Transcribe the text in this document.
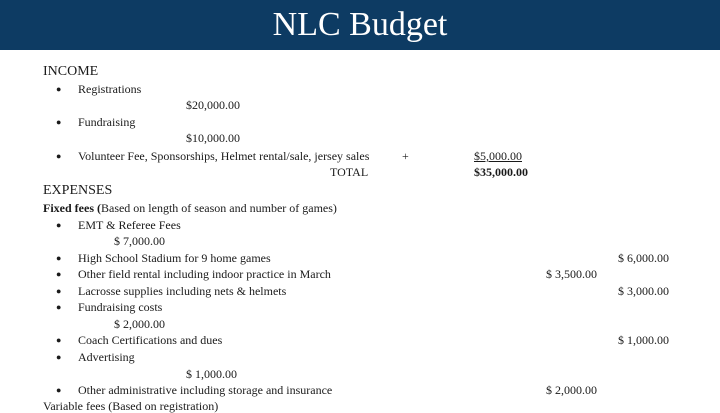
NLC Budget
INCOME
● Registrations
$20,000.00
● Fundraising
$10,000.00
● Volunteer Fee, Sponsorships, Helmet rental/sale, jersey sales	+	$5,000.00
TOTAL	$35,000.00
EXPENSES
Fixed fees (Based on length of season and number of games)
● EMT & Referee Fees
$ 7,000.00
● High School Stadium for 9 home games	$ 6,000.00
● Other field rental including indoor practice in March	$ 3,500.00
● Lacrosse supplies including nets & helmets	$ 3,000.00
● Fundraising costs
$ 2,000.00
● Coach Certifications and dues	$ 1,000.00
● Advertising
$ 1,000.00
● Other administrative including storage and insurance	$ 2,000.00
Variable fees (Based on registration)
